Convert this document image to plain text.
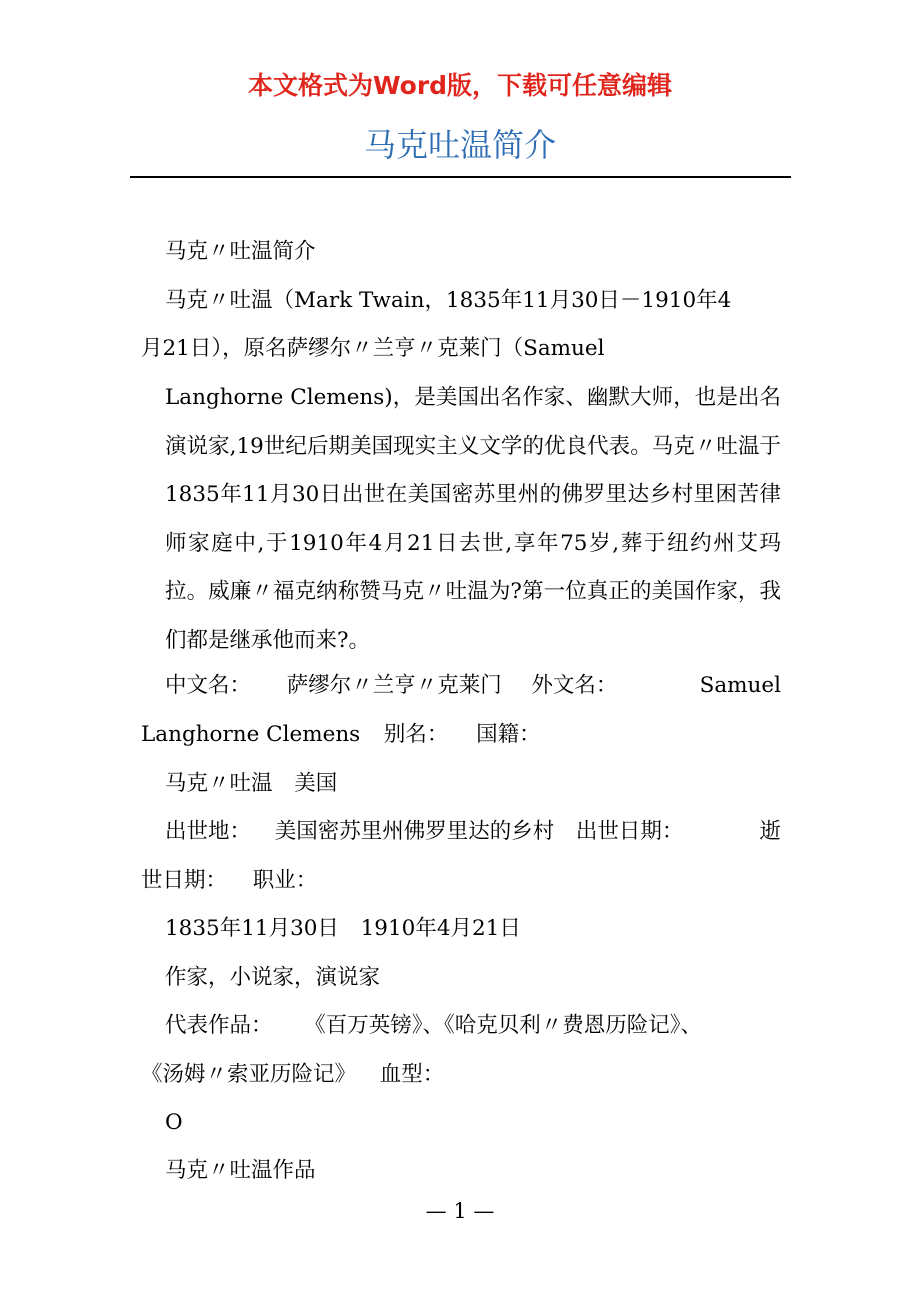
本文格式为Word版，下载可任意编辑
马克吐温简介
马克〃吐温简介
马克〃吐温（Mark Twain，1835年11月30日－1910年4
月21日），原名萨缪尔〃兰亨〃克莱门（Samuel
Langhorne Clemens)，是美国出名作家、幽默大师，也是出名演说家,19世纪后期美国现实主义文学的优良代表。马克〃吐温于1835年11月30日出世在美国密苏里州的佛罗里达乡村里困苦律师家庭中,于1910年4月21日去世,享年75岁,葬于纽约州艾玛拉。威廉〃福克纳称赞马克〃吐温为?第一位真正的美国作家，我们都是继承他而来?。
中文名： 萨缪尔〃兰亨〃克莱门 外文名：	Samuel
Langhorne Clemens 别名： 国籍：
马克〃吐温 美国
出世地： 美国密苏里州佛罗里达的乡村 出世日期：	逝
世日期： 职业：
1835年11月30日 1910年4月21日
作家，小说家，演说家
代表作品： 《百万英镑》、《哈克贝利〃费恩历险记》、
《汤姆〃索亚历险记》 血型：
O
马克〃吐温作品
— 1 —
